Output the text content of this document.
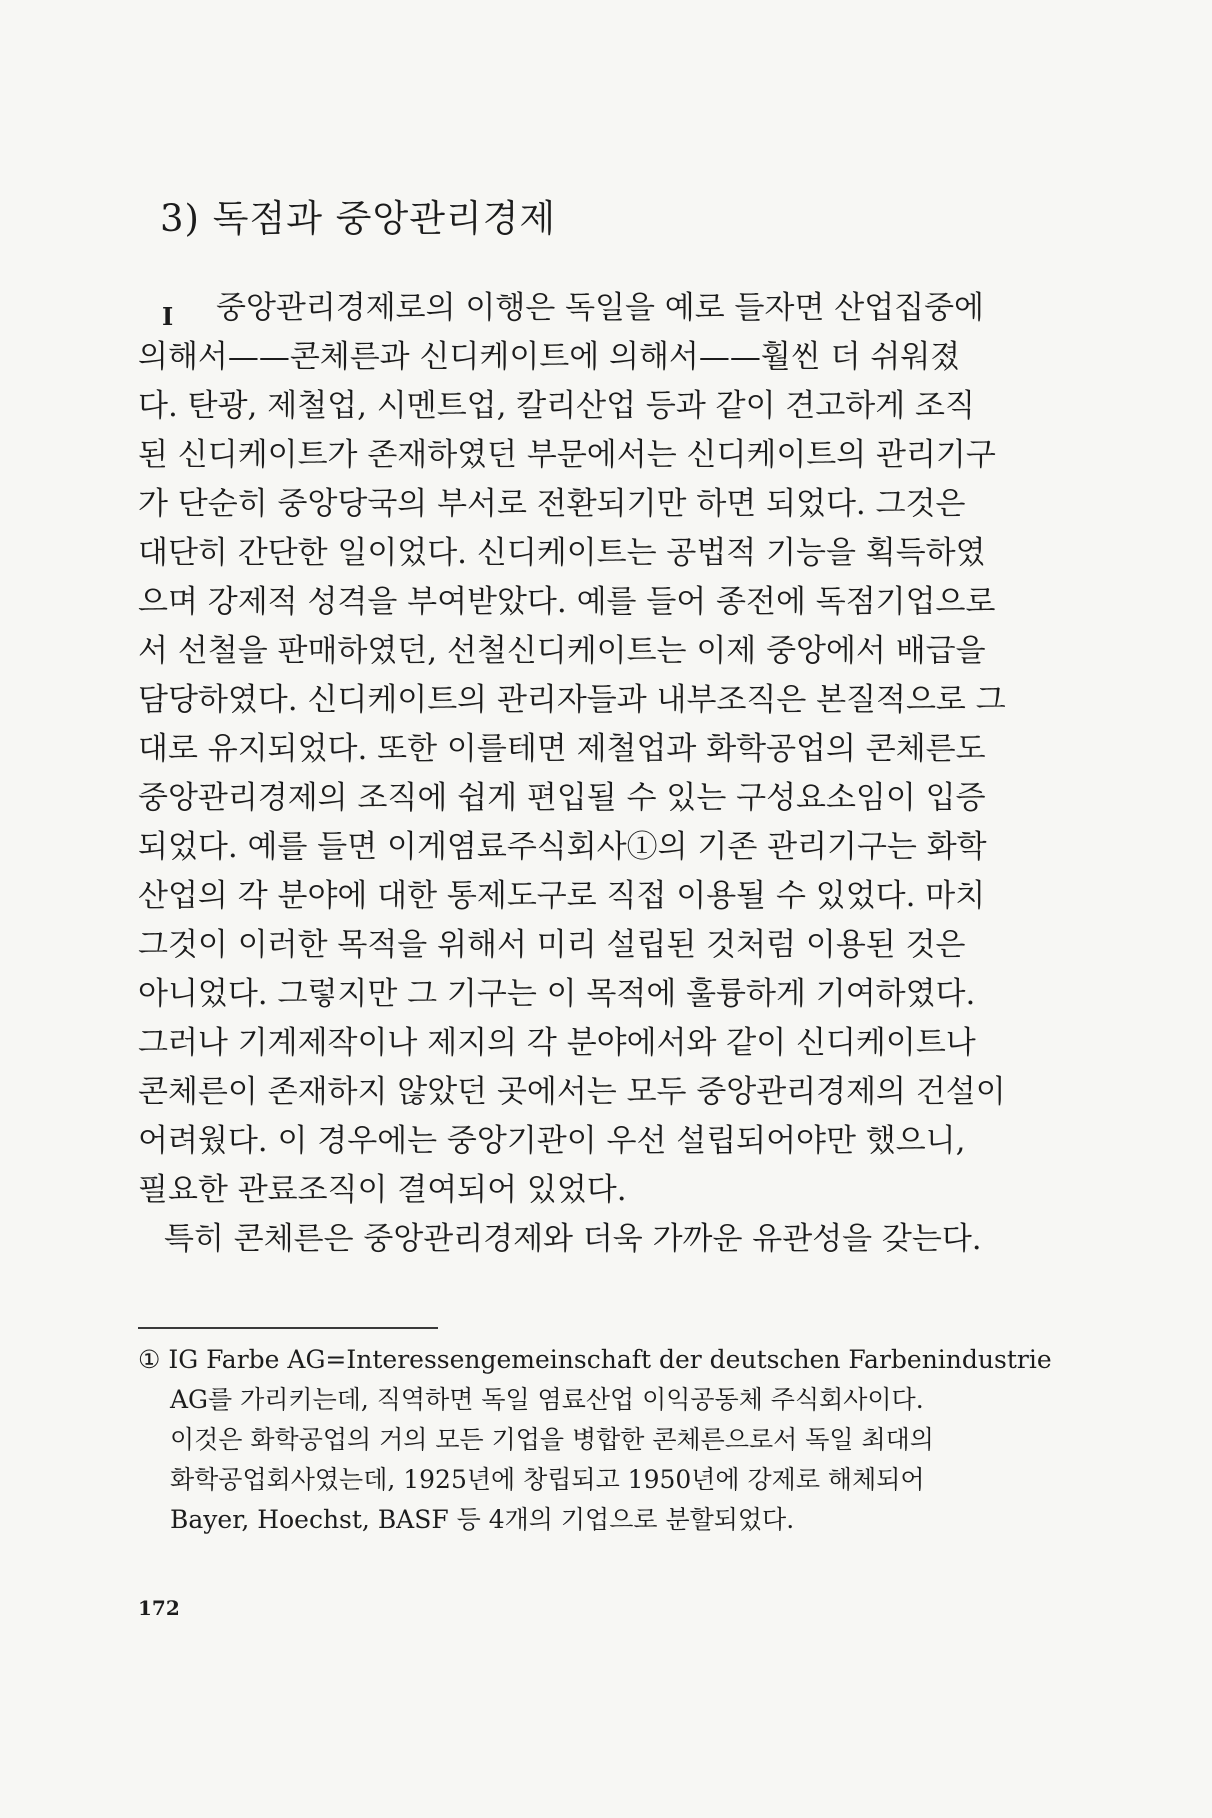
3) 독점과 중앙관리경제
I 중앙관리경제로의 이행은 독일을 예로 들자면 산업집중에
의해서——콘체른과 신디케이트에 의해서——훨씬 더 쉬워졌
다. 탄광, 제철업, 시멘트업, 칼리산업 등과 같이 견고하게 조직
된 신디케이트가 존재하였던 부문에서는 신디케이트의 관리기구
가 단순히 중앙당국의 부서로 전환되기만 하면 되었다. 그것은
대단히 간단한 일이었다. 신디케이트는 공법적 기능을 획득하였
으며 강제적 성격을 부여받았다. 예를 들어 종전에 독점기업으로
서 선철을 판매하였던, 선철신디케이트는 이제 중앙에서 배급을
담당하였다. 신디케이트의 관리자들과 내부조직은 본질적으로 그
대로 유지되었다. 또한 이를테면 제철업과 화학공업의 콘체른도
중앙관리경제의 조직에 쉽게 편입될 수 있는 구성요소임이 입증
되었다. 예를 들면 이게염료주식회사①의 기존 관리기구는 화학
산업의 각 분야에 대한 통제도구로 직접 이용될 수 있었다. 마치
그것이 이러한 목적을 위해서 미리 설립된 것처럼 이용된 것은
아니었다. 그렇지만 그 기구는 이 목적에 훌륭하게 기여하였다.
그러나 기계제작이나 제지의 각 분야에서와 같이 신디케이트나
콘체른이 존재하지 않았던 곳에서는 모두 중앙관리경제의 건설이
어려웠다. 이 경우에는 중앙기관이 우선 설립되어야만 했으니,
필요한 관료조직이 결여되어 있었다.
특히 콘체른은 중앙관리경제와 더욱 가까운 유관성을 갖는다.
① IG Farbe AG=Interessengemeinschaft der deutschen Farbenindustrie
AG를 가리키는데, 직역하면 독일 염료산업 이익공동체 주식회사이다.
이것은 화학공업의 거의 모든 기업을 병합한 콘체른으로서 독일 최대의
화학공업회사였는데, 1925년에 창립되고 1950년에 강제로 해체되어
Bayer, Hoechst, BASF 등 4개의 기업으로 분할되었다.
172
